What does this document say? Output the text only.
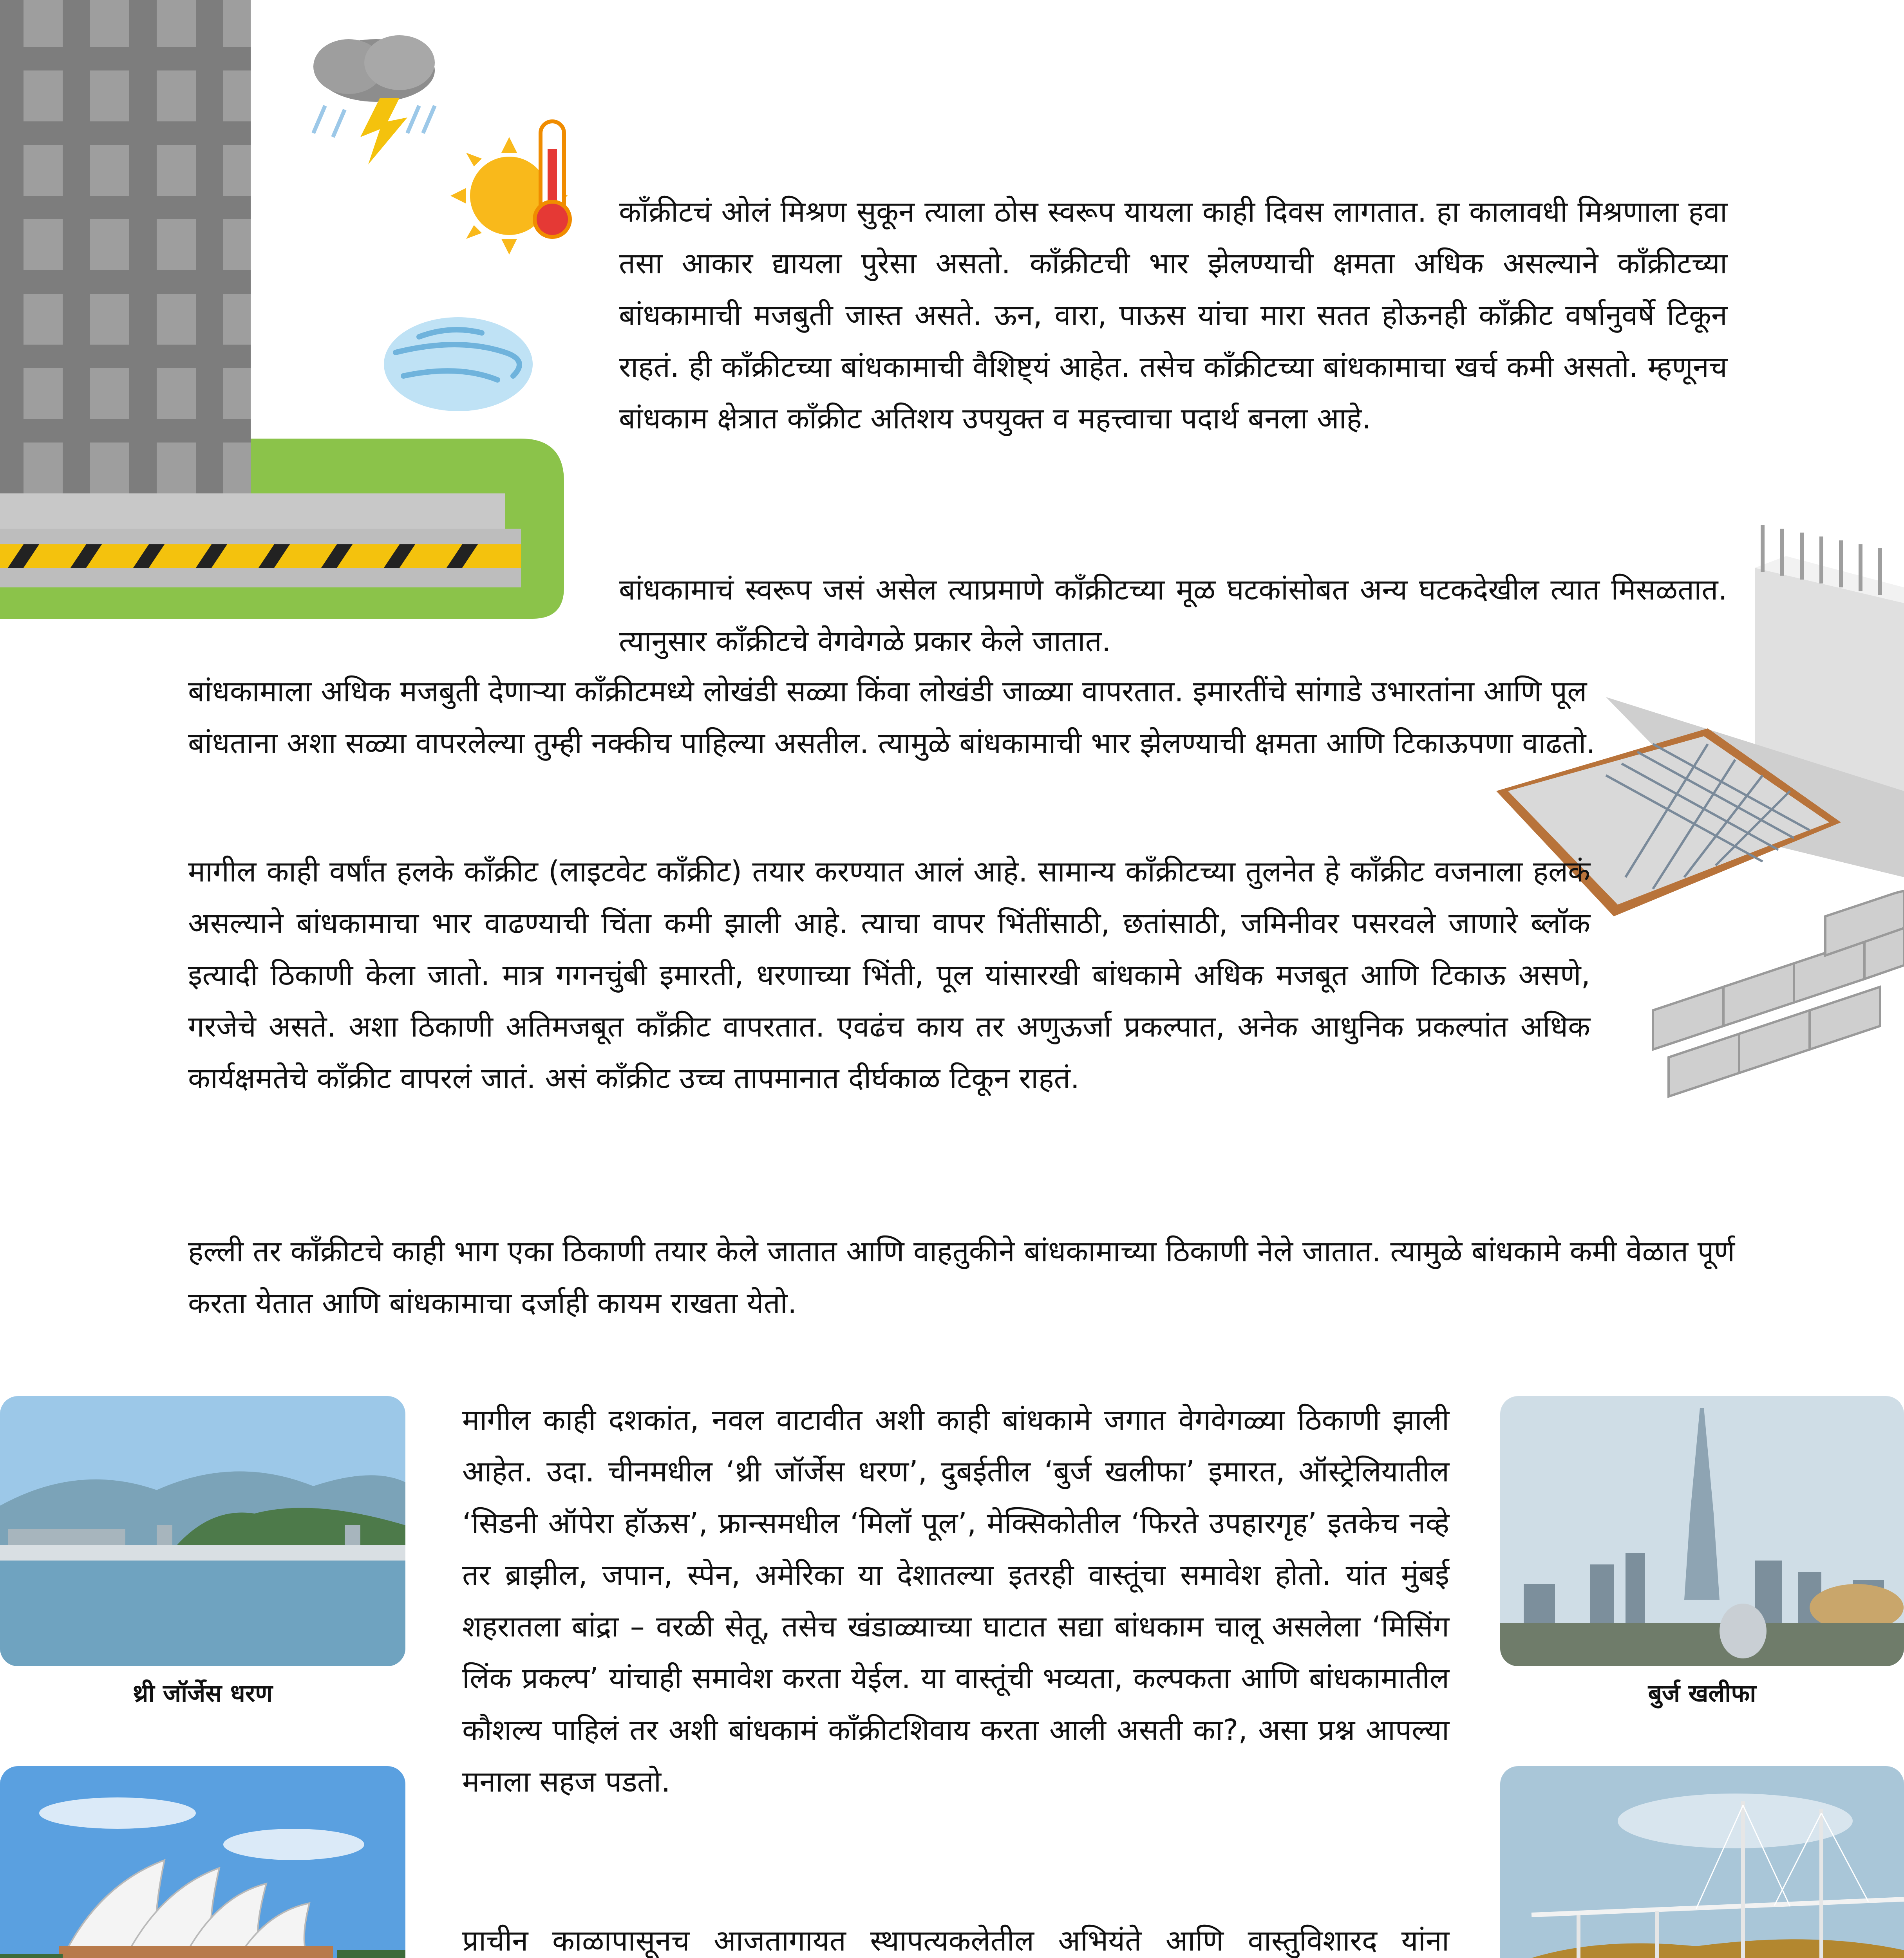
काँक्रीटचं ओलं मिश्रण सुकून त्याला ठोस स्वरूप यायला काही दिवस लागतात. हा कालावधी मिश्रणाला हवा तसा आकार द्यायला पुरेसा असतो. काँक्रीटची भार झेलण्याची क्षमता अधिक असल्याने काँक्रीटच्या बांधकामाची मजबुती जास्त असते. ऊन, वारा, पाऊस यांचा मारा सतत होऊनही काँक्रीट वर्षानुवर्षे टिकून राहतं. ही काँक्रीटच्या बांधकामाची वैशिष्ट्यं आहेत. तसेच काँक्रीटच्या बांधकामाचा खर्च कमी असतो. म्हणूनच बांधकाम क्षेत्रात काँक्रीट अतिशय उपयुक्त व महत्त्वाचा पदार्थ बनला आहे.

बांधकामाचं स्वरूप जसं असेल त्याप्रमाणे काँक्रीटच्या मूळ घटकांसोबत अन्य घटकदेखील त्यात मिसळतात. त्यानुसार काँक्रीटचे वेगवेगळे प्रकार केले जातात.

बांधकामाला अधिक मजबुती देणाऱ्या काँक्रीटमध्ये लोखंडी सळ्या किंवा लोखंडी जाळ्या वापरतात. इमारतींचे सांगाडे उभारतांना आणि पूल बांधताना अशा सळ्या वापरलेल्या तुम्ही नक्कीच पाहिल्या असतील. त्यामुळे बांधकामाची भार झेलण्याची क्षमता आणि टिकाऊपणा वाढतो.

मागील काही वर्षांत हलके काँक्रीट (लाइटवेट काँक्रीट) तयार करण्यात आलं आहे. सामान्य काँक्रीटच्या तुलनेत हे काँक्रीट वजनाला हलकं असल्याने बांधकामाचा भार वाढण्याची चिंता कमी झाली आहे. त्याचा वापर भिंतींसाठी, छतांसाठी, जमिनीवर पसरवले जाणारे ब्लॉक इत्यादी ठिकाणी केला जातो. मात्र गगनचुंबी इमारती, धरणाच्या भिंती, पूल यांसारखी बांधकामे अधिक मजबूत आणि टिकाऊ असणे, गरजेचे असते. अशा ठिकाणी अतिमजबूत काँक्रीट वापरतात. एवढंच काय तर अणुऊर्जा प्रकल्पात, अनेक आधुनिक प्रकल्पांत अधिक कार्यक्षमतेचे काँक्रीट वापरलं जातं. असं काँक्रीट उच्च तापमानात दीर्घकाळ टिकून राहतं.

हल्ली तर काँक्रीटचे काही भाग एका ठिकाणी तयार केले जातात आणि वाहतुकीने बांधकामाच्या ठिकाणी नेले जातात. त्यामुळे बांधकामे कमी वेळात पूर्ण करता येतात आणि बांधकामाचा दर्जाही कायम राखता येतो.

मागील काही दशकांत, नवल वाटावीत अशी काही बांधकामे जगात वेगवेगळ्या ठिकाणी झाली आहेत. उदा. चीनमधील ‘थ्री जॉर्जेस धरण’, दुबईतील ‘बुर्ज खलीफा’ इमारत, ऑस्ट्रेलियातील ‘सिडनी ऑपेरा हॉऊस’, फ्रान्समधील ‘मिलॉ पूल’, मेक्सिकोतील ‘फिरते उपहारगृह’ इतकेच नव्हे तर ब्राझील, जपान, स्पेन, अमेरिका या देशातल्या इतरही वास्तूंचा समावेश होतो. यांत मुंबई शहरातला बांद्रा – वरळी सेतू, तसेच खंडाळ्याच्या घाटात सद्या बांधकाम चालू असलेला ‘मिसिंग लिंक प्रकल्प’ यांचाही समावेश करता येईल. या वास्तूंची भव्यता, कल्पकता आणि बांधकामातील कौशल्य पाहिलं तर अशी बांधकामं काँक्रीटशिवाय करता आली असती का?, असा प्रश्न आपल्या मनाला सहज पडतो.

प्राचीन काळापासूनच आजतागायत स्थापत्यकलेतील अभियंते आणि वास्तुविशारद यांना

थ्री जॉर्जेस धरण	बुर्ज खलीफा
